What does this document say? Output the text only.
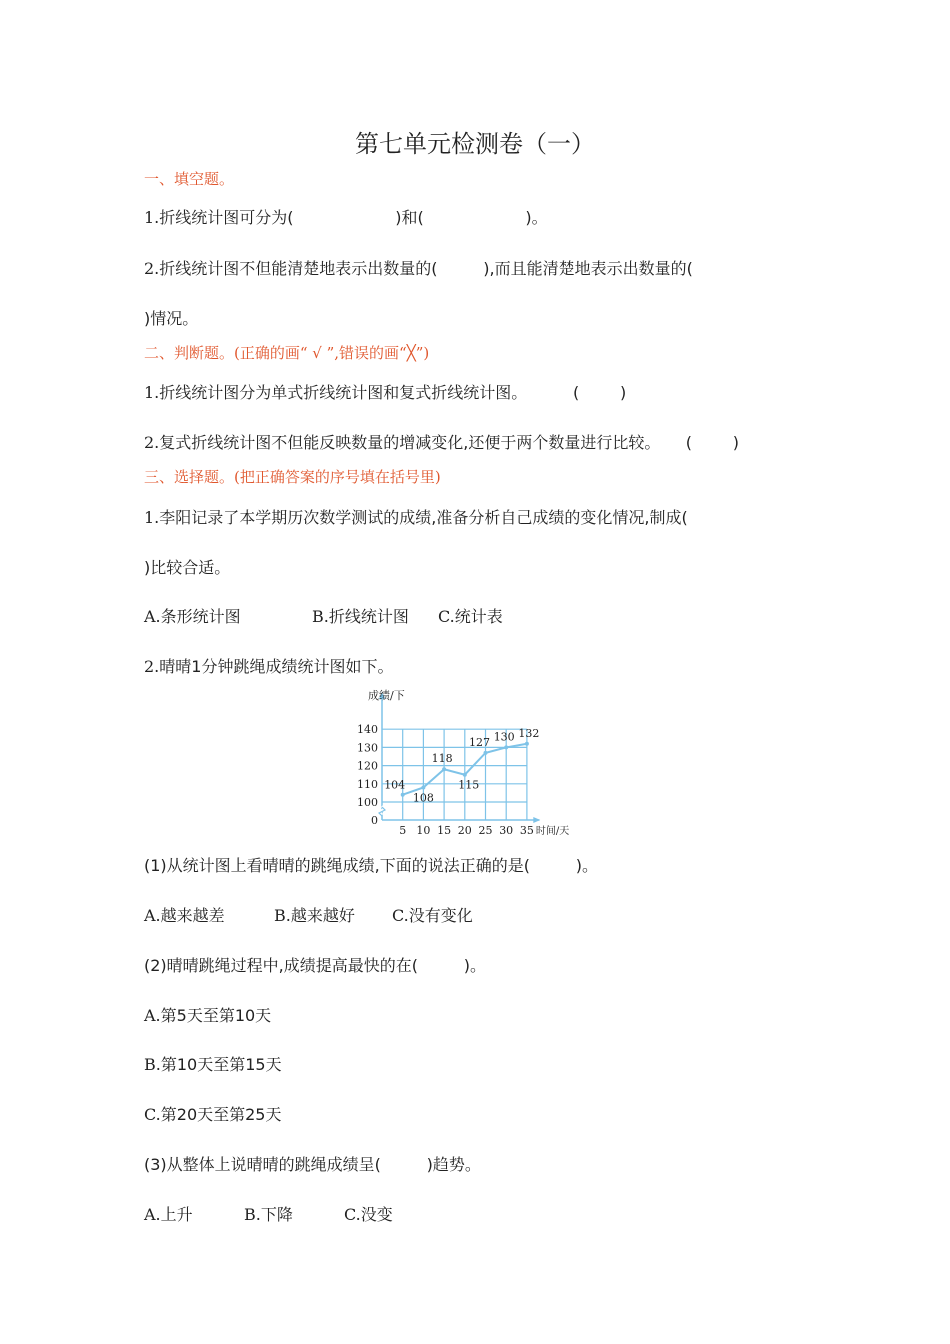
第七单元检测卷（一）
一、填空题。
1.折线统计图可分为(                    )和(                    )。
2.折线统计图不但能清楚地表示出数量的(         ),而且能清楚地表示出数量的(
)情况。
二、判断题。(正确的画“ √ ”,错误的画“╳”)
1.折线统计图分为单式折线统计图和复式折线统计图。         (        )
2.复式折线统计图不但能反映数量的增减变化,还便于两个数量进行比较。     (        )
三、选择题。(把正确答案的序号填在括号里)
1.李阳记录了本学期历次数学测试的成绩,准备分析自己成绩的变化情况,制成(
)比较合适。
A.条形统计图	B.折线统计图 C.统计表
2.晴晴1分钟跳绳成绩统计图如下。
0
100
110
120
130
140
5 10 15 20 25 30 35
成绩/下
时间/天
104
108
118
115
127 130 132
(1)从统计图上看晴晴的跳绳成绩,下面的说法正确的是(         )。
A.越来越差	B.越来越好 C.没有变化
(2)晴晴跳绳过程中,成绩提高最快的在(         )。
A.第5天至第10天
B.第10天至第15天
C.第20天至第25天
(3)从整体上说晴晴的跳绳成绩呈(         )趋势。
A.上升	B.下降	C.没变
